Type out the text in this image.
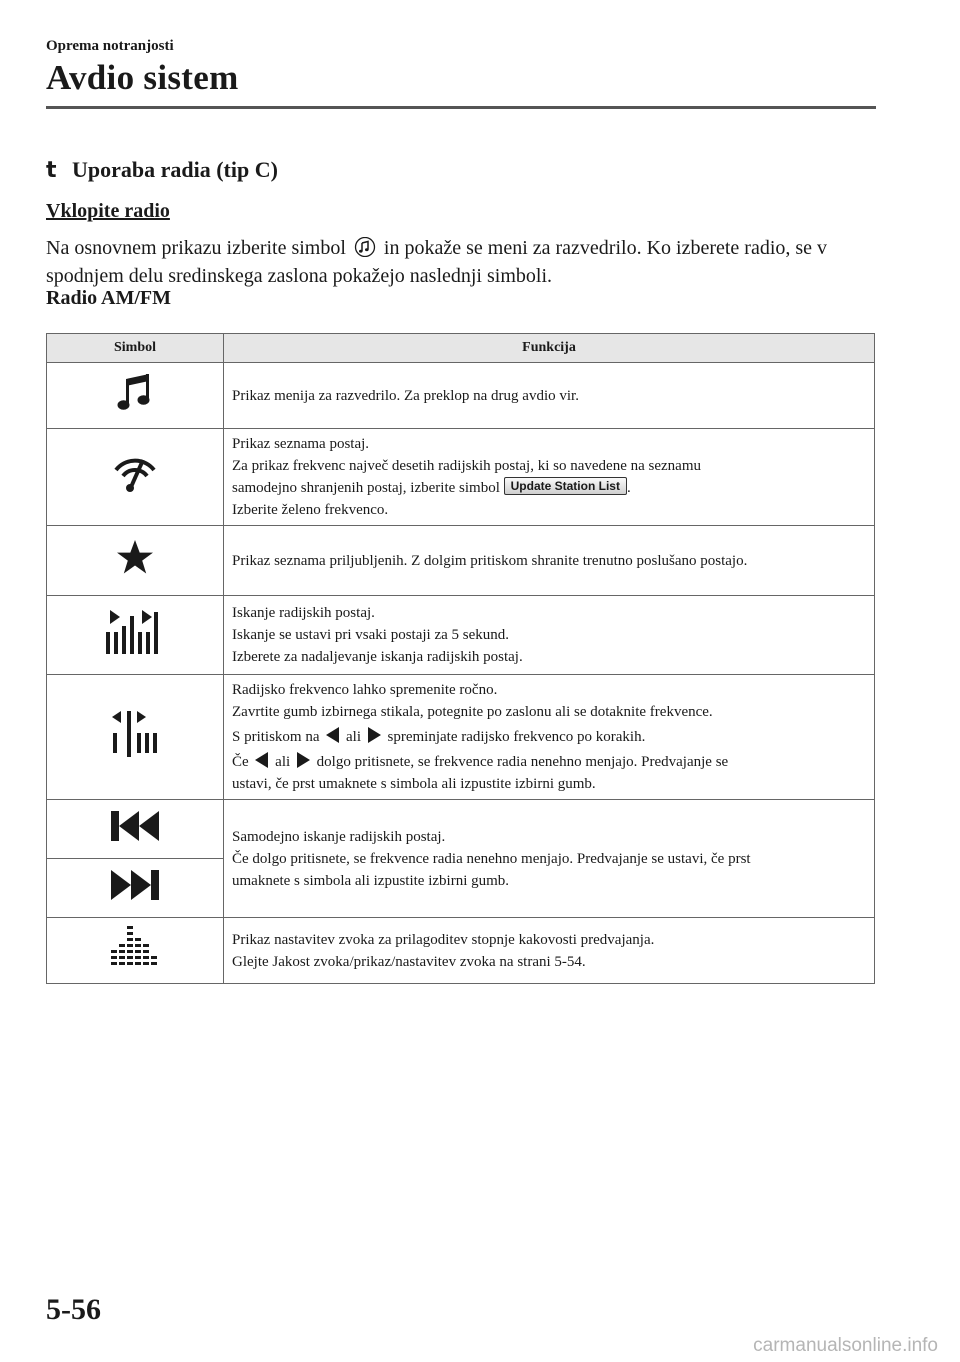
Oprema notranjosti
Avdio sistem
t Uporaba radia (tip C)
Vklopite radio
Na osnovnem prikazu izberite simbol in pokaže se meni za razvedrilo. Ko izberete radio, se v spodnjem delu sredinskega zaslona pokažejo naslednji simboli.
Radio AM/FM
Simbol	Funkcija
	Prikaz menija za razvedrilo. Za preklop na drug avdio vir.

Prikaz seznama postaj.
Za prikaz frekvenc največ desetih radijskih postaj, ki so navedene na seznamu
samodejno shranjenih postaj, izberite simbol Update Station List .
Izberite želeno frekvenco.

	Prikaz seznama priljubljenih. Z dolgim pritiskom shranite trenutno poslušano postajo.

Iskanje radijskih postaj.
Iskanje se ustavi pri vsaki postaji za 5 sekund.
Izberete za nadaljevanje iskanja radijskih postaj.

Radijsko frekvenco lahko spremenite ročno.
Zavrtite gumb izbirnega stikala, potegnite po zaslonu ali se dotaknite frekvence.
S pritiskom na ali spreminjate radijsko frekvenco po korakih.
Če ali dolgo pritisnete, se frekvence radia nenehno menjajo. Predvajanje se
ustavi, če prst umaknete s simbola ali izpustite izbirni gumb.

Samodejno iskanje radijskih postaj.
Če dolgo pritisnete, se frekvence radia nenehno menjajo. Predvajanje se ustavi, če prst
umaknete s simbola ali izpustite izbirni gumb.

Prikaz nastavitev zvoka za prilagoditev stopnje kakovosti predvajanja.
Glejte Jakost zvoka/prikaz/nastavitev zvoka na strani 5-54.
5-56
carmanualsonline.info
